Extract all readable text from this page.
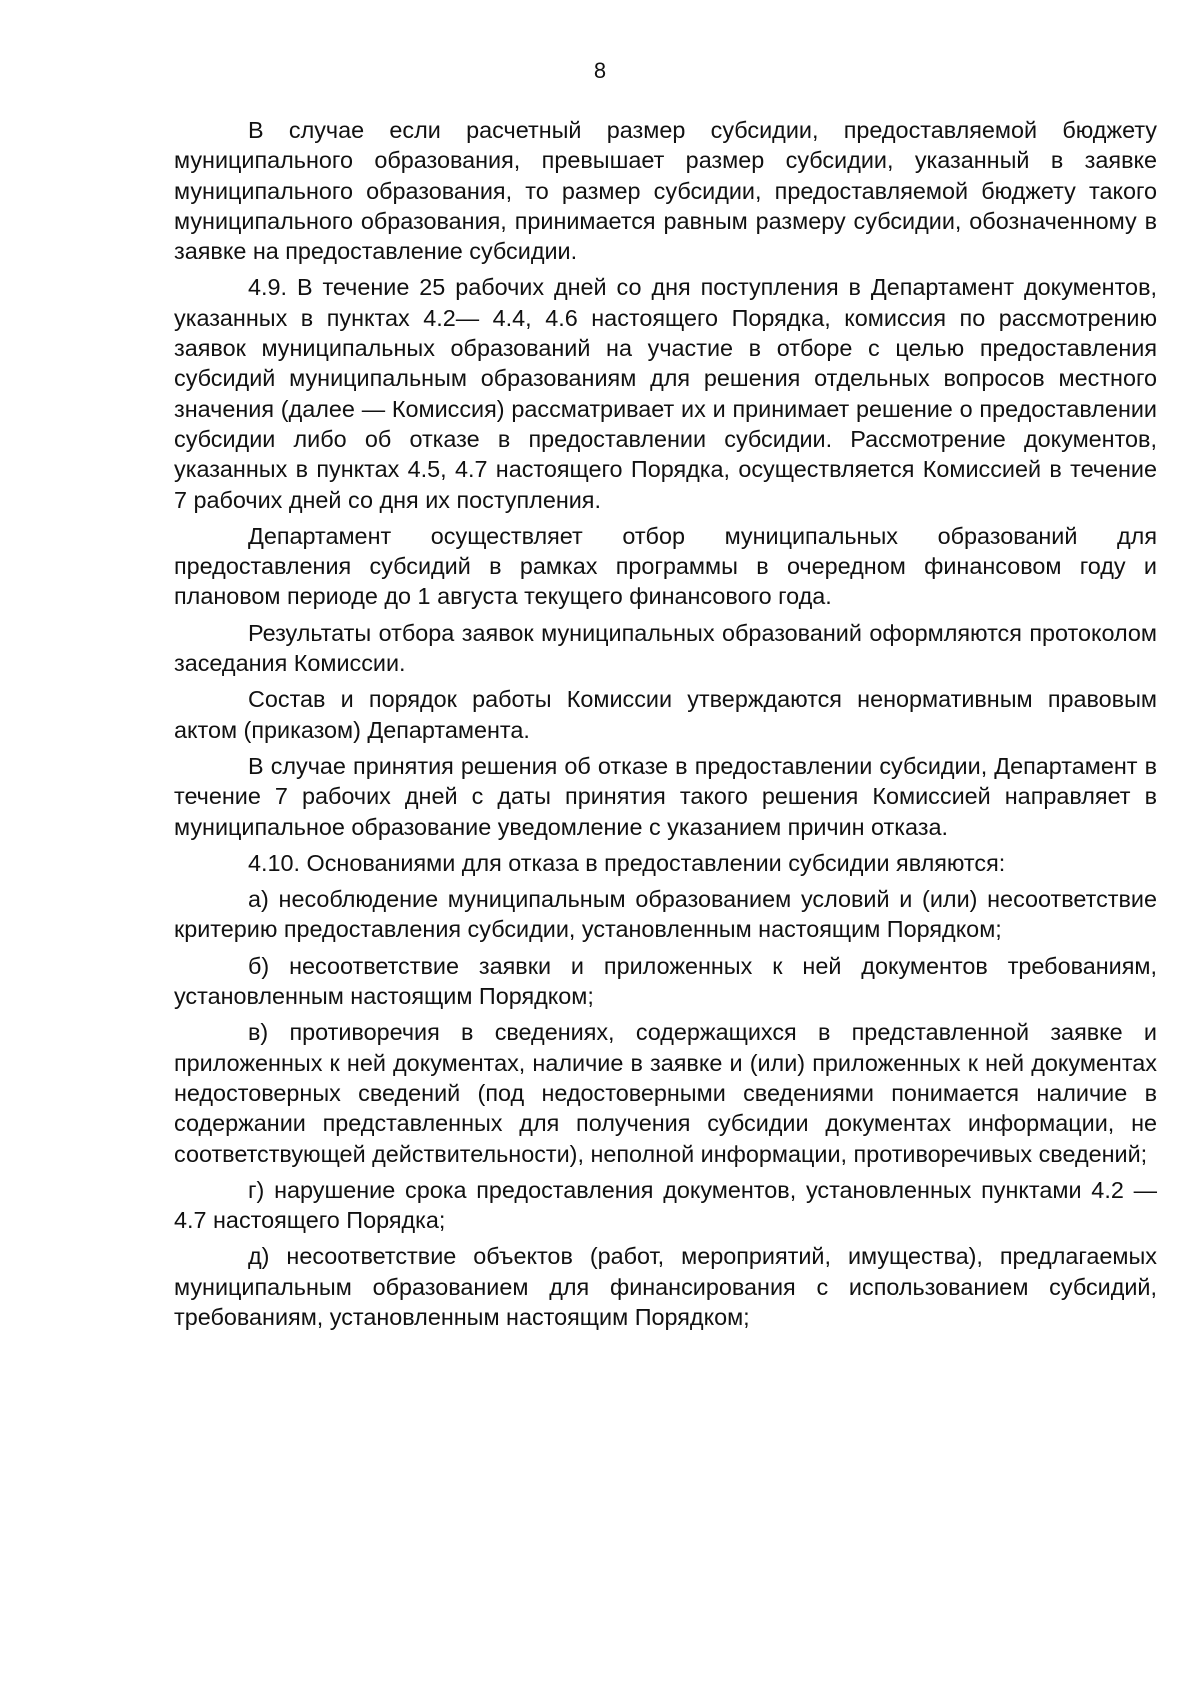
8

В случае если расчетный размер субсидии, предоставляемой бюджету муниципального образования, превышает размер субсидии, указанный в заявке муниципального образования, то размер субсидии, предоставляемой бюджету такого муниципального образования, принимается равным размеру субсидии, обозначенному в заявке на предоставление субсидии.

4.9. В течение 25 рабочих дней со дня поступления в Департамент документов, указанных в пунктах 4.2— 4.4, 4.6 настоящего Порядка, комиссия по рассмотрению заявок муниципальных образований на участие в отборе с целью предоставления субсидий муниципальным образованиям для решения отдельных вопросов местного значения (далее — Комиссия) рассматривает их и принимает решение о предоставлении субсидии либо об отказе в предоставлении субсидии. Рассмотрение документов, указанных в пунктах 4.5, 4.7 настоящего Порядка, осуществляется Комиссией в течение 7 рабочих дней со дня их поступления.

Департамент осуществляет отбор муниципальных образований для предоставления субсидий в рамках программы в очередном финансовом году и плановом периоде до 1 августа текущего финансового года.

Результаты отбора заявок муниципальных образований оформляются протоколом заседания Комиссии.

Состав и порядок работы Комиссии утверждаются ненормативным правовым актом (приказом) Департамента.

В случае принятия решения об отказе в предоставлении субсидии, Департамент в течение 7 рабочих дней с даты принятия такого решения Комиссией направляет в муниципальное образование уведомление с указанием причин отказа.

4.10. Основаниями для отказа в предоставлении субсидии являются:

а) несоблюдение муниципальным образованием условий и (или) несоответствие критерию предоставления субсидии, установленным настоящим Порядком;

б) несоответствие заявки и приложенных к ней документов требованиям, установленным настоящим Порядком;

в) противоречия в сведениях, содержащихся в представленной заявке и приложенных к ней документах, наличие в заявке и (или) приложенных к ней документах недостоверных сведений (под недостоверными сведениями понимается наличие в содержании представленных для получения субсидии документах информации, не соответствующей действительности), неполной информации, противоречивых сведений;

г) нарушение срока предоставления документов, установленных пунктами 4.2 — 4.7 настоящего Порядка;

д) несоответствие объектов (работ, мероприятий, имущества), предлагаемых муниципальным образованием для финансирования с использованием субсидий, требованиям, установленным настоящим Порядком;
